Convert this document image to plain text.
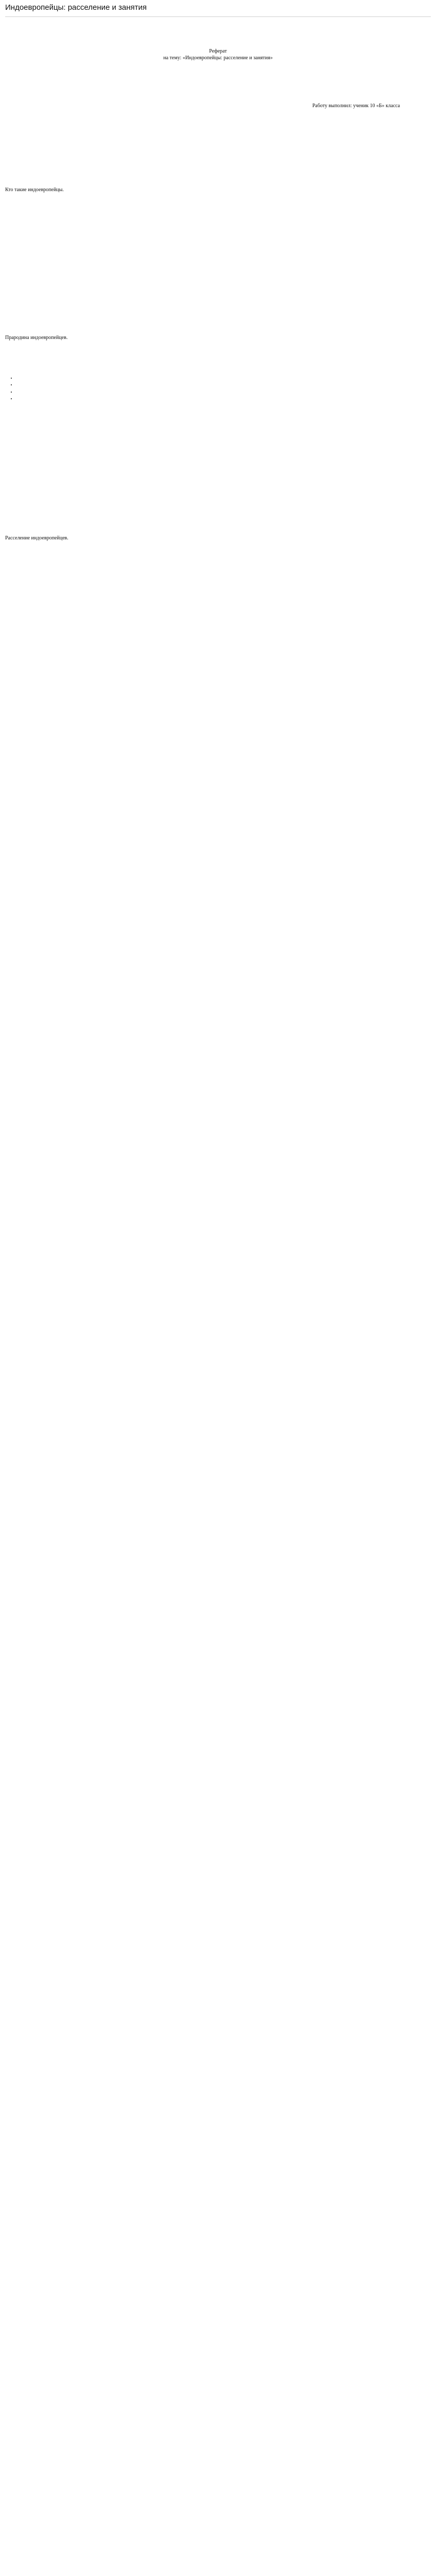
Индоевропейцы: расселение и занятия
Реферат
на тему: «Индоевропейцы: расселение и занятия»
Работу выполнил: ученик 10 «Б» класса
Кто такие индоевропейцы.
Прародина индоевропейцев.
•
•
•
•
Расселение индоевропейцев.
